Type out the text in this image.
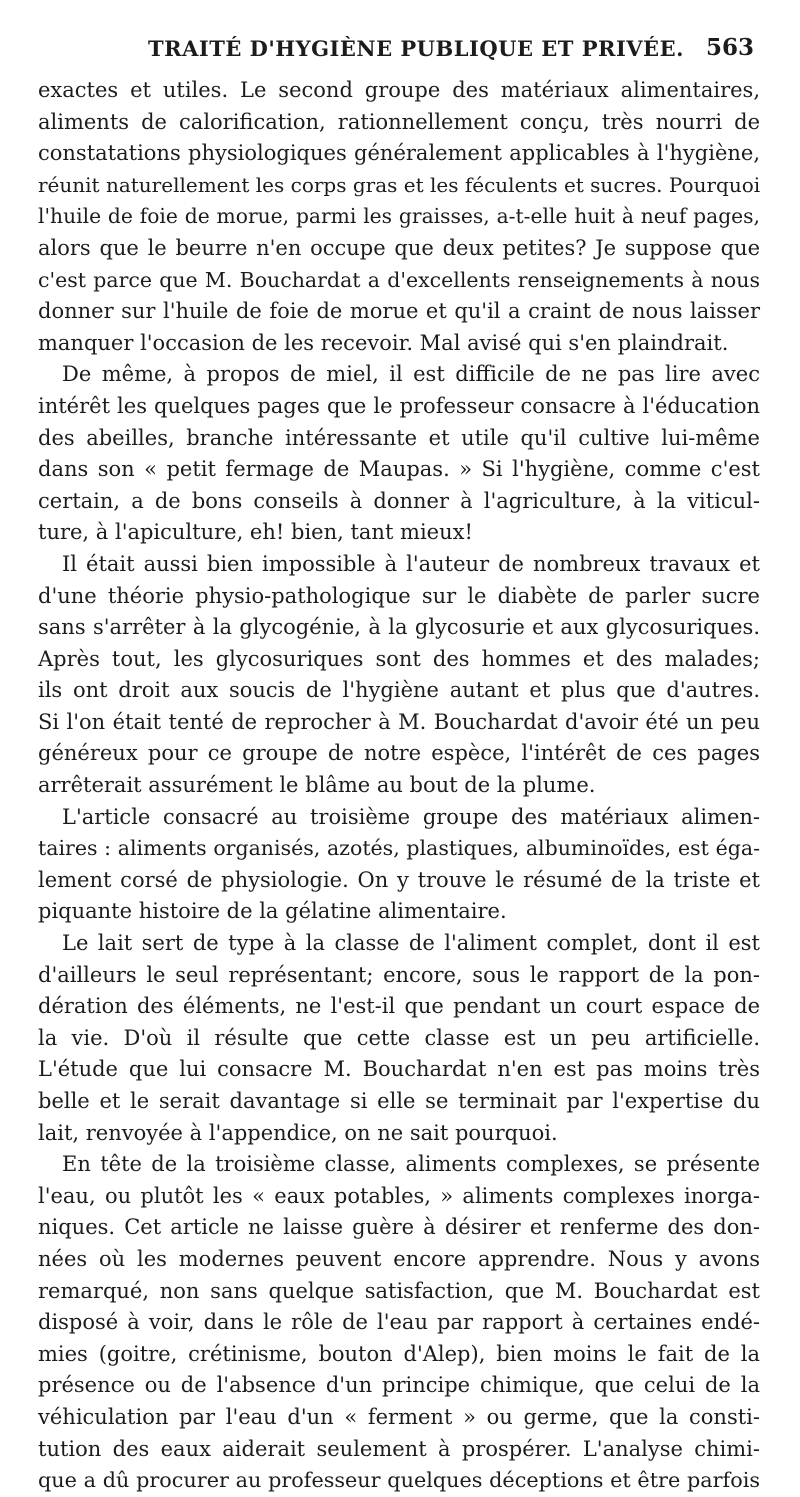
TRAITÉ D'HYGIÈNE PUBLIQUE ET PRIVÉE. 563
exactes et utiles. Le second groupe des matériaux alimentaires,
aliments de calorification, rationnellement conçu, très nourri de
constatations physiologiques généralement applicables à l'hygiène,
réunit naturellement les corps gras et les féculents et sucres. Pourquoi
l'huile de foie de morue, parmi les graisses, a-t-elle huit à neuf pages,
alors que le beurre n'en occupe que deux petites? Je suppose que
c'est parce que M. Bouchardat a d'excellents renseignements à nous
donner sur l'huile de foie de morue et qu'il a craint de nous laisser
manquer l'occasion de les recevoir. Mal avisé qui s'en plaindrait.
De même, à propos de miel, il est difficile de ne pas lire avec
intérêt les quelques pages que le professeur consacre à l'éducation
des abeilles, branche intéressante et utile qu'il cultive lui-même
dans son « petit fermage de Maupas. » Si l'hygiène, comme c'est
certain, a de bons conseils à donner à l'agriculture, à la viticul-
ture, à l'apiculture, eh! bien, tant mieux!
Il était aussi bien impossible à l'auteur de nombreux travaux et
d'une théorie physio-pathologique sur le diabète de parler sucre
sans s'arrêter à la glycogénie, à la glycosurie et aux glycosuriques.
Après tout, les glycosuriques sont des hommes et des malades;
ils ont droit aux soucis de l'hygiène autant et plus que d'autres.
Si l'on était tenté de reprocher à M. Bouchardat d'avoir été un peu
généreux pour ce groupe de notre espèce, l'intérêt de ces pages
arrêterait assurément le blâme au bout de la plume.
L'article consacré au troisième groupe des matériaux alimen-
taires : aliments organisés, azotés, plastiques, albuminoïdes, est éga-
lement corsé de physiologie. On y trouve le résumé de la triste et
piquante histoire de la gélatine alimentaire.
Le lait sert de type à la classe de l'aliment complet, dont il est
d'ailleurs le seul représentant; encore, sous le rapport de la pon-
dération des éléments, ne l'est-il que pendant un court espace de
la vie. D'où il résulte que cette classe est un peu artificielle.
L'étude que lui consacre M. Bouchardat n'en est pas moins très
belle et le serait davantage si elle se terminait par l'expertise du
lait, renvoyée à l'appendice, on ne sait pourquoi.
En tête de la troisième classe, aliments complexes, se présente
l'eau, ou plutôt les « eaux potables, » aliments complexes inorga-
niques. Cet article ne laisse guère à désirer et renferme des don-
nées où les modernes peuvent encore apprendre. Nous y avons
remarqué, non sans quelque satisfaction, que M. Bouchardat est
disposé à voir, dans le rôle de l'eau par rapport à certaines endé-
mies (goitre, crétinisme, bouton d'Alep), bien moins le fait de la
présence ou de l'absence d'un principe chimique, que celui de la
véhiculation par l'eau d'un « ferment » ou germe, que la consti-
tution des eaux aiderait seulement à prospérer. L'analyse chimi-
que a dû procurer au professeur quelques déceptions et être parfois
